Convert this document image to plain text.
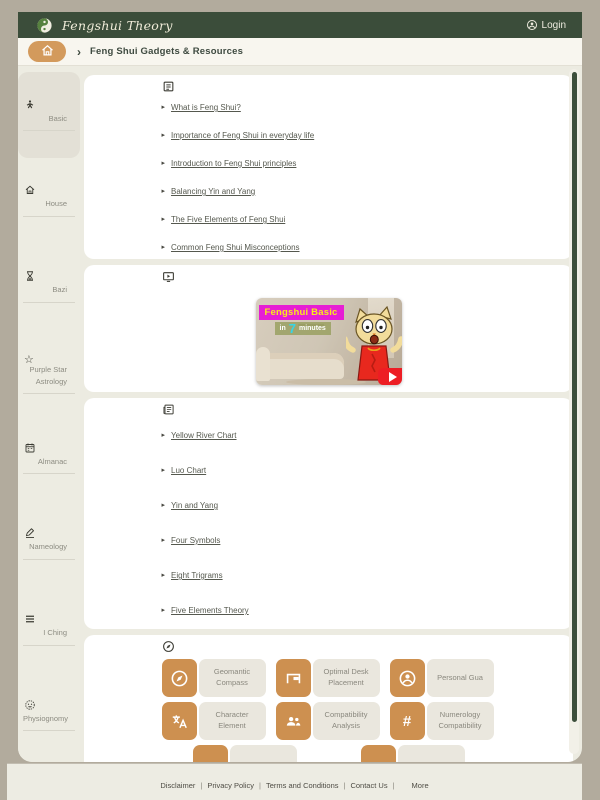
Fengshui Theory	Login
› Feng Shui Gadgets & Resources
Basic
House
Bazi
☆
Purple Star Astrology
Almanac
Nameology
I Ching
Physiognomy
▸ What is Feng Shui?
▸ Importance of Feng Shui in everyday life
▸ Introduction to Feng Shui principles
▸ Balancing Yin and Yang
▸ The Five Elements of Feng Shui
▸ Common Feng Shui Misconceptions
Fengshui Basic
in 7 minutes
▸ Yellow River Chart
▸ Luo Chart
▸ Yin and Yang
▸ Four Symbols
▸ Eight Trigrams
▸ Five Elements Theory
Geomantic Compass
Optimal Desk Placement
Personal Gua
Character Element
Compatibility Analysis	#	Numerology Compatibility
Disclaimer | Privacy Policy | Terms and Conditions | Contact Us | More
